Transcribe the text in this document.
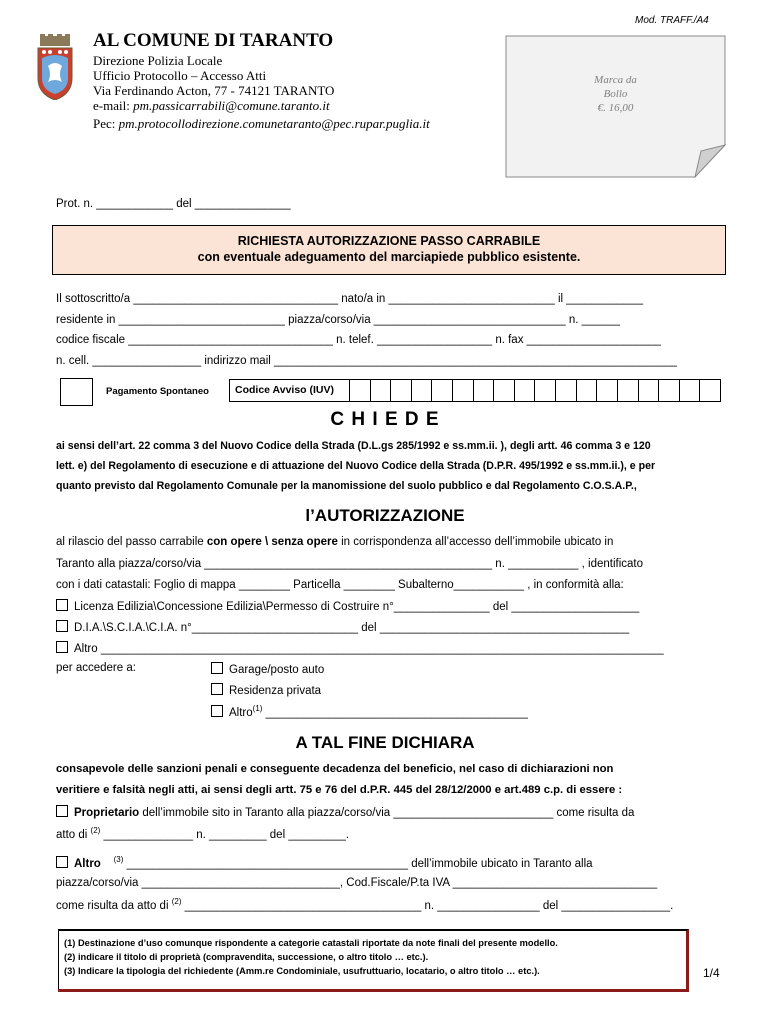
Mod. TRAFF./A4
AL COMUNE DI TARANTO
Direzione Polizia Locale
Ufficio Protocollo – Accesso Atti
Via Ferdinando Acton, 77 - 74121 TARANTO
e-mail: pm.passicarrabili@comune.taranto.it
Pec: pm.protocollodirezione.comunetaranto@pec.rupar.puglia.it
Marca da
Bollo
€. 16,00
Prot. n. ____________ del _______________
RICHIESTA AUTORIZZAZIONE PASSO CARRABILE
con eventuale adeguamento del marciapiede pubblico esistente.
Il sottoscritto/a ________________________________ nato/a in __________________________ il ____________
residente in __________________________ piazza/corso/via ______________________________ n. ______
codice fiscale ________________________________ n. telef. __________________ n. fax _____________________
n. cell. _________________ indirizzo mail _______________________________________________________________
Pagamento Spontaneo	Codice Avviso (IUV)
C H I E D E
ai sensi dell’art. 22 comma 3 del Nuovo Codice della Strada (D.L.gs 285/1992 e ss.mm.ii. ), degli artt. 46 comma 3 e 120
lett. e) del Regolamento di esecuzione e di attuazione del Nuovo Codice della Strada (D.P.R. 495/1992 e ss.mm.ii.), e per
quanto previsto dal Regolamento Comunale per la manomissione del suolo pubblico e dal Regolamento C.O.S.A.P.,
l’AUTORIZZAZIONE
al rilascio del passo carrabile con opere \ senza opere in corrispondenza all’accesso dell’immobile ubicato in
Taranto alla piazza/corso/via _____________________________________________ n. ___________ , identificato
con i dati catastali: Foglio di mappa ________ Particella ________ Subalterno___________ , in conformità alla:
Licenza Edilizia\Concessione Edilizia\Permesso di Costruire n°_______________ del ____________________
D.I.A.\S.C.I.A.\C.I.A. n°__________________________ del _______________________________________
Altro ________________________________________________________________________________________
per accedere a:	Garage/posto auto
Residenza privata
Altro$^{(1)}$ _________________________________________
A TAL FINE DICHIARA
consapevole delle sanzioni penali e conseguente decadenza del beneficio, nel caso di dichiarazioni non
veritiere e falsità negli atti, ai sensi degli artt. 75 e 76 del d.P.R. 445 del 28/12/2000 e art.489 c.p. di essere :
Proprietario dell’immobile sito in Taranto alla piazza/corso/via _________________________ come risulta da
atto di $^{(2)}$ ______________ n. _________ del _________.
Altro $^{(3)}$ ____________________________________________ dell’immobile ubicato in Taranto alla
piazza/corso/via _______________________________, Cod.Fiscale/P.ta IVA ________________________________
come risulta da atto di $^{(2)}$ _____________________________________ n. ________________ del _________________.
(1) Destinazione d’uso comunque rispondente a categorie catastali riportate da note finali del presente modello.
(2) indicare il titolo di proprietà (compravendita, successione, o altro titolo … etc.).
(3) Indicare la tipologia del richiedente (Amm.re Condominiale, usufruttuario, locatario, o altro titolo … etc.).	1/4
